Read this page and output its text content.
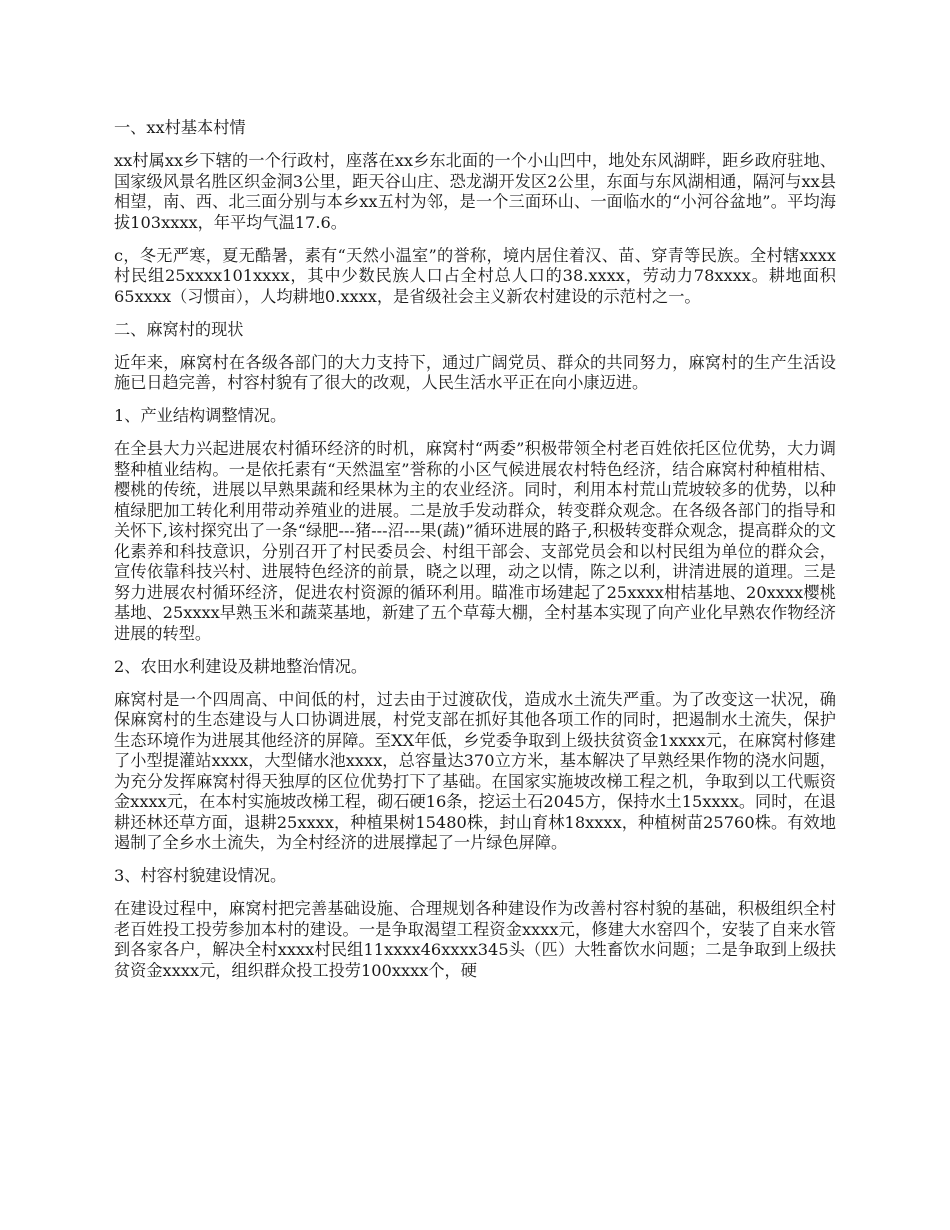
一、xx村基本村情

xx村属xx乡下辖的一个行政村，座落在xx乡东北面的一个小山凹中，地处东风湖畔，距乡政府驻地、国家级风景名胜区织金洞3公里，距天谷山庄、恐龙湖开发区2公里，东面与东风湖相通，隔河与xx县相望，南、西、北三面分别与本乡xx五村为邻，是一个三面环山、一面临水的“小河谷盆地”。平均海拔103xxxx，年平均气温17.6。

c，冬无严寒，夏无酷暑，素有“天然小温室”的誉称，境内居住着汉、苗、穿青等民族。全村辖xxxx村民组25xxxx101xxxx，其中少数民族人口占全村总人口的38.xxxx，劳动力78xxxx。耕地面积65xxxx（习惯亩），人均耕地0.xxxx，是省级社会主义新农村建设的示范村之一。

二、麻窝村的现状

近年来，麻窝村在各级各部门的大力支持下，通过广阔党员、群众的共同努力，麻窝村的生产生活设施已日趋完善，村容村貌有了很大的改观，人民生活水平正在向小康迈进。

1、产业结构调整情况。

在全县大力兴起进展农村循环经济的时机，麻窝村“两委”积极带领全村老百姓依托区位优势，大力调整种植业结构。一是依托素有“天然温室”誉称的小区气候进展农村特色经济，结合麻窝村种植柑桔、樱桃的传统，进展以早熟果蔬和经果林为主的农业经济。同时，利用本村荒山荒坡较多的优势，以种植绿肥加工转化利用带动养殖业的进展。二是放手发动群众，转变群众观念。在各级各部门的指导和关怀下,该村探究出了一条“绿肥---猪---沼---果(蔬)”循环进展的路子,积极转变群众观念，提高群众的文化素养和科技意识，分别召开了村民委员会、村组干部会、支部党员会和以村民组为单位的群众会，宣传依靠科技兴村、进展特色经济的前景，晓之以理，动之以情，陈之以利，讲清进展的道理。三是努力进展农村循环经济，促进农村资源的循环利用。瞄准市场建起了25xxxx柑桔基地、20xxxx樱桃基地、25xxxx早熟玉米和蔬菜基地，新建了五个草莓大棚，全村基本实现了向产业化早熟农作物经济进展的转型。

2、农田水利建设及耕地整治情况。

麻窝村是一个四周高、中间低的村，过去由于过渡砍伐，造成水土流失严重。为了改变这一状况，确保麻窝村的生态建设与人口协调进展，村党支部在抓好其他各项工作的同时，把遏制水土流失，保护生态环境作为进展其他经济的屏障。至XX年低，乡党委争取到上级扶贫资金1xxxx元，在麻窝村修建了小型提灌站xxxx，大型储水池xxxx，总容量达370立方米，基本解决了早熟经果作物的浇水问题，为充分发挥麻窝村得天独厚的区位优势打下了基础。在国家实施坡改梯工程之机，争取到以工代赈资金xxxx元，在本村实施坡改梯工程，砌石硬16条，挖运土石2045方，保持水土15xxxx。同时，在退耕还林还草方面，退耕25xxxx，种植果树15480株，封山育林18xxxx，种植树苗25760株。有效地遏制了全乡水土流失，为全村经济的进展撑起了一片绿色屏障。

3、村容村貌建设情况。

在建设过程中，麻窝村把完善基础设施、合理规划各种建设作为改善村容村貌的基础，积极组织全村老百姓投工投劳参加本村的建设。一是争取渴望工程资金xxxx元，修建大水窑四个，安装了自来水管到各家各户，解决全村xxxx村民组11xxxx46xxxx345头（匹）大牲畜饮水问题；二是争取到上级扶贫资金xxxx元，组织群众投工投劳100xxxx个，硬
